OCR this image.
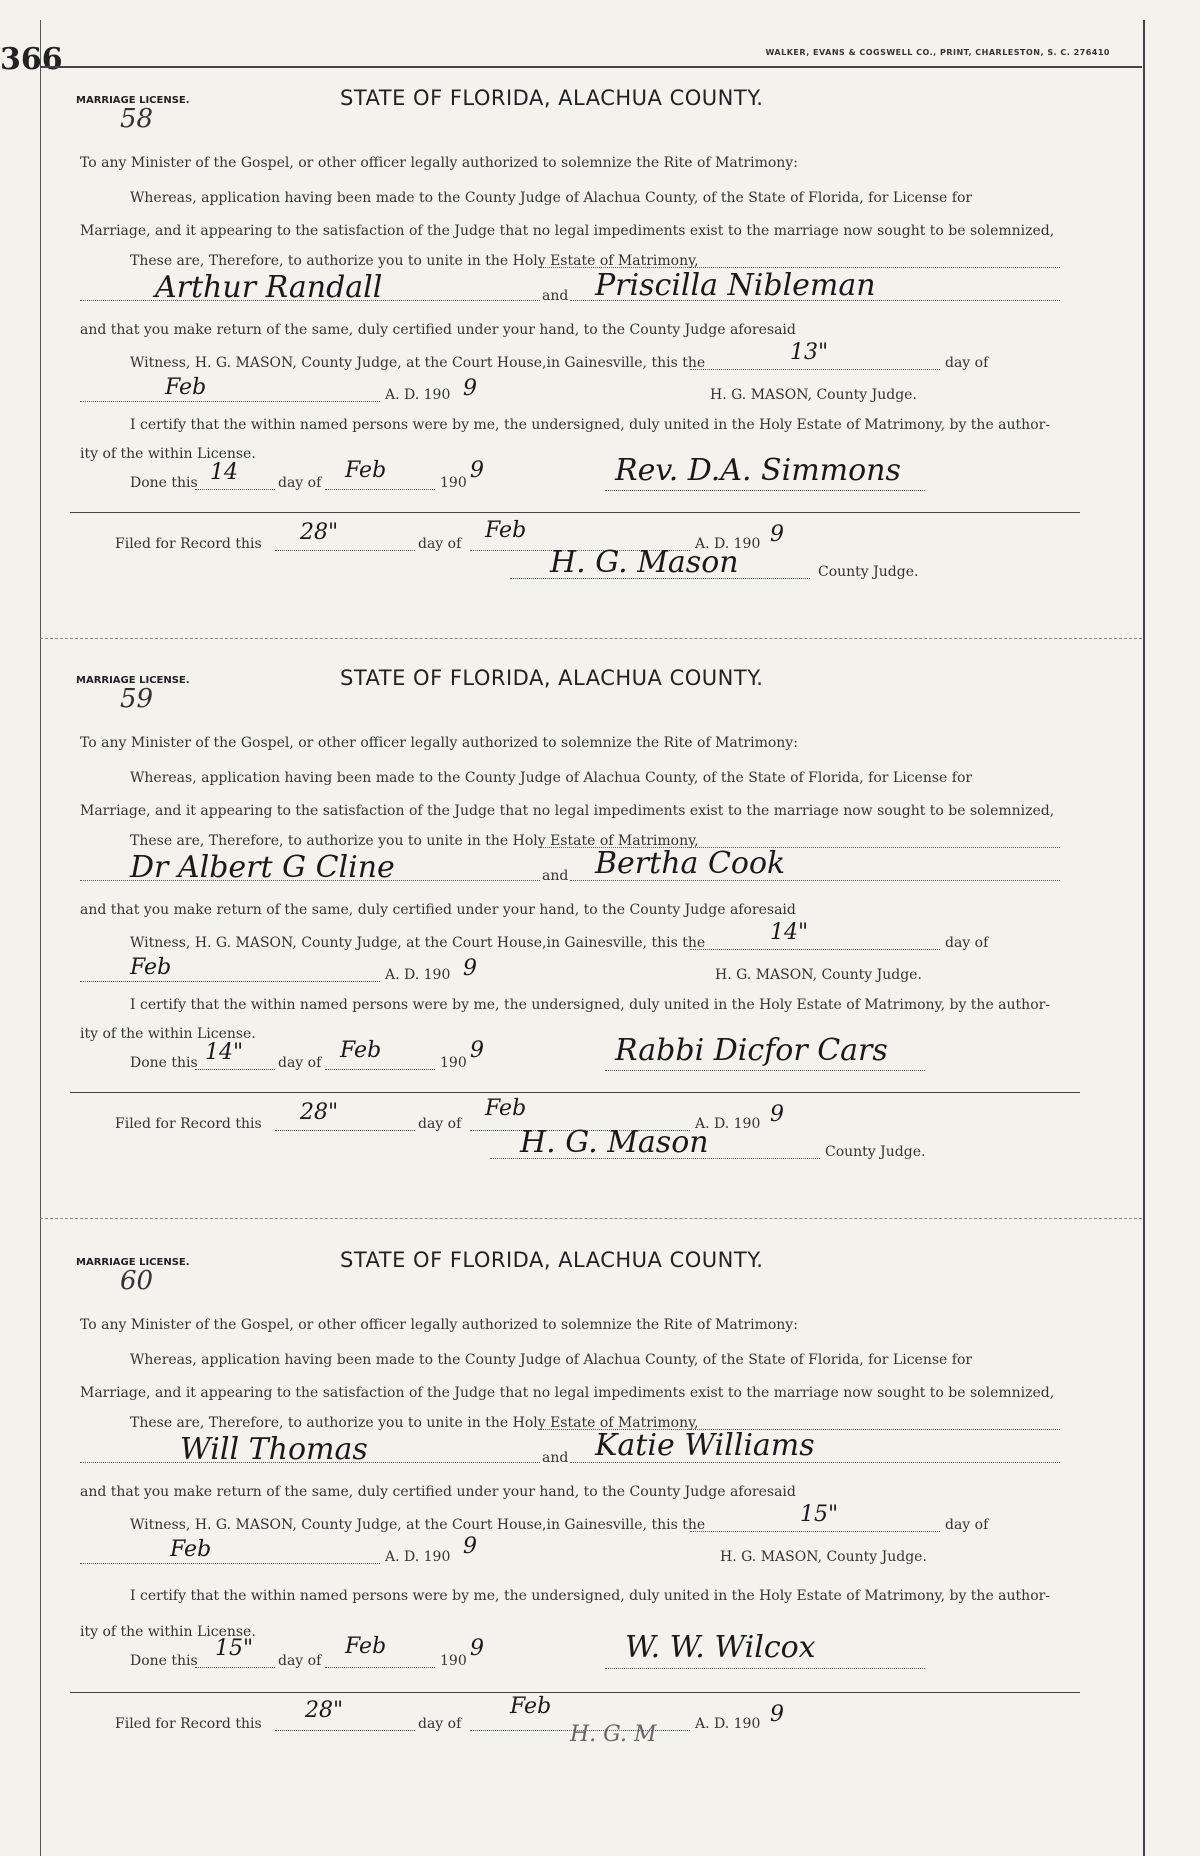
366	WALKER, EVANS & COGSWELL CO., PRINT, CHARLESTON, S. C. 276410
MARRIAGE LICENSE.
58
STATE OF FLORIDA, ALACHUA COUNTY.
To any Minister of the Gospel, or other officer legally authorized to solemnize the Rite of Matrimony:
Whereas, application having been made to the County Judge of Alachua County, of the State of Florida, for License for
Marriage, and it appearing to the satisfaction of the Judge that no legal impediments exist to the marriage now sought to be solemnized,
These are, Therefore, to authorize you to unite in the Holy Estate of Matrimony,
Arthur Randall	and Priscilla Nibleman
and that you make return of the same, duly certified under your hand, to the County Judge aforesaid
Witness, H. G. MASON, County Judge, at the Court House,in Gainesville, this the	13"	day of
Feb	A. D. 190 9	H. G. MASON, County Judge.
I certify that the within named persons were by me, the undersigned, duly united in the Holy Estate of Matrimony, by the author-
ity of the within License.
Done this 14	day of Feb	190 9	Rev. D.A. Simmons
Filed for Record this 28"	day of
Feb
A. D. 190 9
H. G. Mason	County Judge.
MARRIAGE LICENSE.
59
STATE OF FLORIDA, ALACHUA COUNTY.
To any Minister of the Gospel, or other officer legally authorized to solemnize the Rite of Matrimony:
Whereas, application having been made to the County Judge of Alachua County, of the State of Florida, for License for
Marriage, and it appearing to the satisfaction of the Judge that no legal impediments exist to the marriage now sought to be solemnized,
These are, Therefore, to authorize you to unite in the Holy Estate of Matrimony,
Dr Albert G Cline	and Bertha Cook
and that you make return of the same, duly certified under your hand, to the County Judge aforesaid
Witness, H. G. MASON, County Judge, at the Court House,in Gainesville, this the	14"	day of
Feb	A. D. 190 9	H. G. MASON, County Judge.
I certify that the within named persons were by me, the undersigned, duly united in the Holy Estate of Matrimony, by the author-
ity of the within License.
Done this 14" day of Feb	190 9	Rabbi Dicfor Cars
Filed for Record this 28"	day of
Feb
A. D. 190 9
H. G. Mason	County Judge.
MARRIAGE LICENSE.
60
STATE OF FLORIDA, ALACHUA COUNTY.
To any Minister of the Gospel, or other officer legally authorized to solemnize the Rite of Matrimony:
Whereas, application having been made to the County Judge of Alachua County, of the State of Florida, for License for
Marriage, and it appearing to the satisfaction of the Judge that no legal impediments exist to the marriage now sought to be solemnized,
These are, Therefore, to authorize you to unite in the Holy Estate of Matrimony,
Will Thomas	and Katie Williams
and that you make return of the same, duly certified under your hand, to the County Judge aforesaid
Witness, H. G. MASON, County Judge, at the Court House,in Gainesville, this the	15"	day of
Feb	A. D. 190 9	H. G. MASON, County Judge.
I certify that the within named persons were by me, the undersigned, duly united in the Holy Estate of Matrimony, by the author-
ity of the within License.
Done this 15" day of
Feb
190 9	W. W. Wilcox
Filed for Record this
28"
day of
Feb
A. D. 190 9
H. G. M
